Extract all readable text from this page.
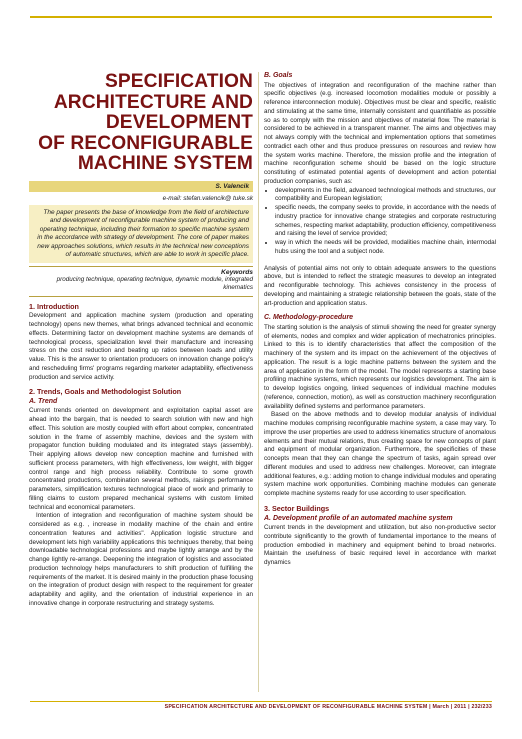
SPECIFICATION

ARCHITECTURE AND

DEVELOPMENT

OF RECONFIGURABLE

MACHINE SYSTEM

S. Valencik
e-mail: stefan.valencik@ tuke.sk

The paper presents the base of knowledge from the field of architecture and development of reconfigurable machine system of producing and operating technique, including their formation to specific machine system in the accordance with strategy of development. The core of paper makes new approaches solutions, which results in the technical new conceptions of automatic structures, which are able to work in specific place.

Keywords
producing technique, operating technique, dynamic module, integrated kinematics
1. Introduction

Development and application machine system (production and operating technology) opens new themes, what brings advanced technical and economic effects. Determining factor on development machine systems are demands of technological process, specialization level their manufacture and increasing stress on the cost reduction and beating up ratios between loads and utility value. This is the answer to orientation producers on innovation change policy's and rescheduling firms' programs regarding marketer adaptability, effectiveness production and service activity.

2. Trends, Goals and Methodologist Solution
A. Trend

Current trends oriented on development and exploitation capital asset are ahead into the bargain, that is needed to search solution with new and high effect. This solution are mostly coupled with effort about complex, concentrated solution in the frame of assembly machine, devices and the system with propagator function building modulated and its integrated stays (assembly). Their applying allows develop new conception machine and furnished with sufficient process parameters, with high effectiveness, low weight, with bigger control range and high process reliability. Contribute to some growth concentrated productions, combination several methods, raisings performance parameters, simplification textures technological place of work and primarily to filling claims to custom prepared mechanical systems with custom limited technical and economical parameters.

Intention of integration and reconfiguration of machine system should be considered as e.g. , increase in modality machine of the chain and entire concentration features and activities". Application logistic structure and development lets high variability applications this techniques thereby, that being downloadable technological professions and maybe lightly arrange and by the change lightly re-arrange. Deepening the integration of logistics and associated production technology helps manufacturers to shift production of fulfilling the requirements of the market. It is desired mainly in the production phase focusing on the integration of product design with respect to the requirement for greater adaptability and agility, and the orientation of industrial experience in an innovative change in corporate restructuring and strategy systems.

B. Goals

The objectives of integration and reconfiguration of the machine rather than specific objectives (e.g. increased locomotion modalities module or possibly a reference interconnection module). Objectives must be clear and specific, realistic and stimulating at the same time, internally consistent and quantifiable as possible so as to comply with the mission and objectives of material flow. The material is considered to be achieved in a transparent manner. The aims and objectives may not always comply with the technical and implementation options that sometimes contradict each other and thus produce pressures on resources and review how the system works machine. Therefore, the mission profile and the integration of machine reconfiguration scheme should be based on the logic structure constituting of estimated potential agents of development and action potential production companies, such as:

• developments in the field, advanced technological methods and structures, our compatibility and European legislation;
• specific needs, the company seeks to provide, in accordance with the needs of industry practice for innovative change strategies and corporate restructuring schemes, respecting market adaptability, production efficiency, competitiveness and raising the level of service provided;
• way in which the needs will be provided, modalities machine chain, intermodal hubs using the tool and a subject node.

Analysis of potential aims not only to obtain adequate answers to the questions above, but is intended to reflect the strategic measures to develop an integrated and reconfigurable technology. This achieves consistency in the process of developing and maintaining a strategic relationship between the goals, state of the art-production and application status.

C. Methodology-procedure

The starting solution is the analysis of stimuli showing the need for greater synergy of elements, nodes and complex and wider application of mechatronics principles. Linked to this is to identify characteristics that affect the composition of the machinery of the system and its impact on the achievement of the objectives of application. The result is a logic machine patterns between the system and the area of application in the form of the model. The model represents a starting base profiling machine systems, which represents our logistics development. The aim is to develop logistics ongoing, linked sequences of individual machine modules (reference, connection, motion), as well as construction machinery reconfiguration availability defined systems and performance parameters.

Based on the above methods and to develop modular analysis of individual machine modules comprising reconfigurable machine system, a case may vary. To improve the user properties are used to address kinematics structure of anomalous elements and their mutual relations, thus creating space for new concepts of plant and equipment of modular organization. Furthermore, the specificities of these concepts mean that they can change the spectrum of tasks, again spread over different modules and used to address new challenges. Moreover, can integrate additional features, e.g.: adding motion to change individual modules and operating system machine work opportunities. Combining machine modules can generate complete machine systems ready for use according to user specification.

3. Sector Buildings
A. Development profile of an automated machine system

Current trends in the development and utilization, but also non-productive sector contribute significantly to the growth of fundamental importance to the means of production embodied in machinery and equipment behind to broad networks. Maintain the usefulness of basic required level in accordance with market dynamics

SPECIFICATION ARCHITECTURE AND DEVELOPMENT OF RECONFIGURABLE MACHINE SYSTEM | March | 2011 | 232/233
